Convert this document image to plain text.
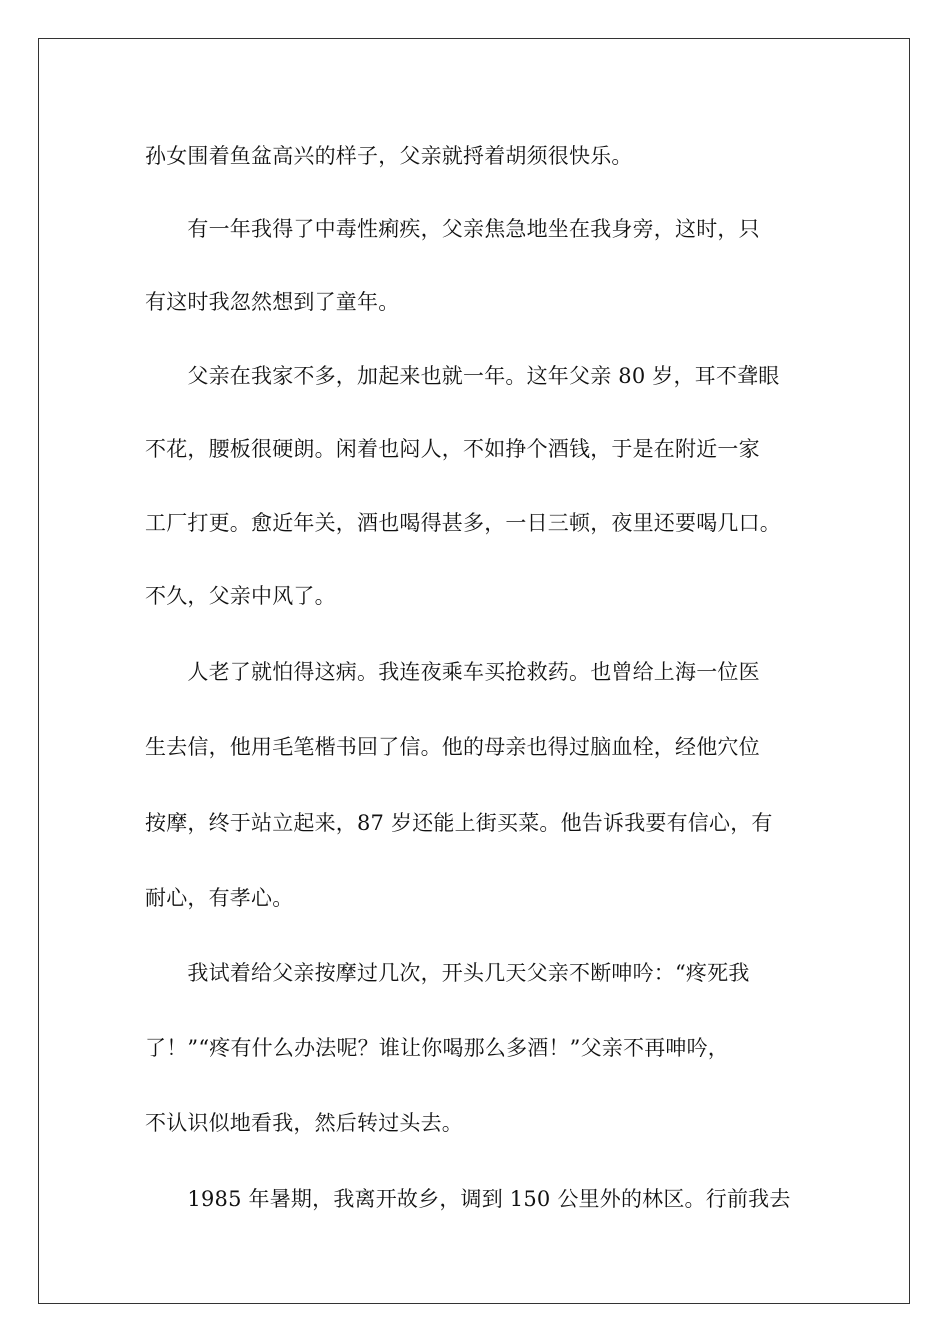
孙女围着鱼盆高兴的样子，父亲就捋着胡须很快乐。
　　有一年我得了中毒性痢疾，父亲焦急地坐在我身旁，这时，只
有这时我忽然想到了童年。
　　父亲在我家不多，加起来也就一年。这年父亲 80 岁，耳不聋眼
不花，腰板很硬朗。闲着也闷人，不如挣个酒钱，于是在附近一家
工厂打更。愈近年关，酒也喝得甚多，一日三顿，夜里还要喝几口。
不久，父亲中风了。
　　人老了就怕得这病。我连夜乘车买抢救药。也曾给上海一位医
生去信，他用毛笔楷书回了信。他的母亲也得过脑血栓，经他穴位
按摩，终于站立起来，87 岁还能上街买菜。他告诉我要有信心，有
耐心，有孝心。
　　我试着给父亲按摩过几次，开头几天父亲不断呻吟：“疼死我
了！”“疼有什么办法呢？谁让你喝那么多酒！”父亲不再呻吟，
不认识似地看我，然后转过头去。
　　1985 年暑期，我离开故乡，调到 150 公里外的林区。行前我去
